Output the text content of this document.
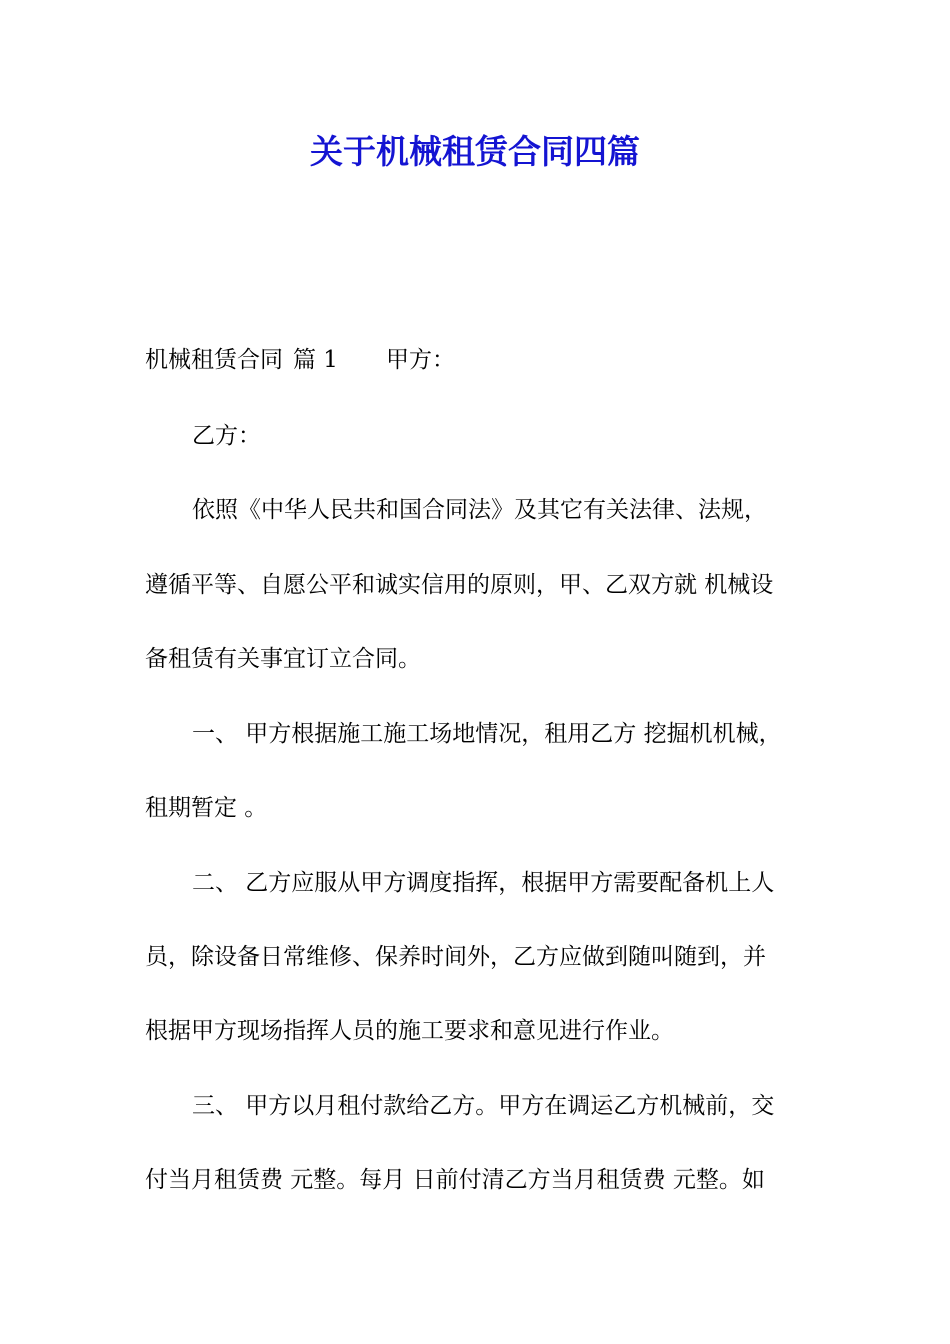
关于机械租赁合同四篇
机械租赁合同 篇 1 甲方：
乙方：
依照《中华人民共和国合同法》及其它有关法律、法规，
遵循平等、自愿公平和诚实信用的原则，甲、乙双方就 机械设
备租赁有关事宜订立合同。
一、 甲方根据施工施工场地情况，租用乙方 挖掘机机械，
租期暂定 。
二、 乙方应服从甲方调度指挥，根据甲方需要配备机上人
员，除设备日常维修、保养时间外，乙方应做到随叫随到，并
根据甲方现场指挥人员的施工要求和意见进行作业。
三、 甲方以月租付款给乙方。甲方在调运乙方机械前，交
付当月租赁费 元整。每月 日前付清乙方当月租赁费 元整。如
